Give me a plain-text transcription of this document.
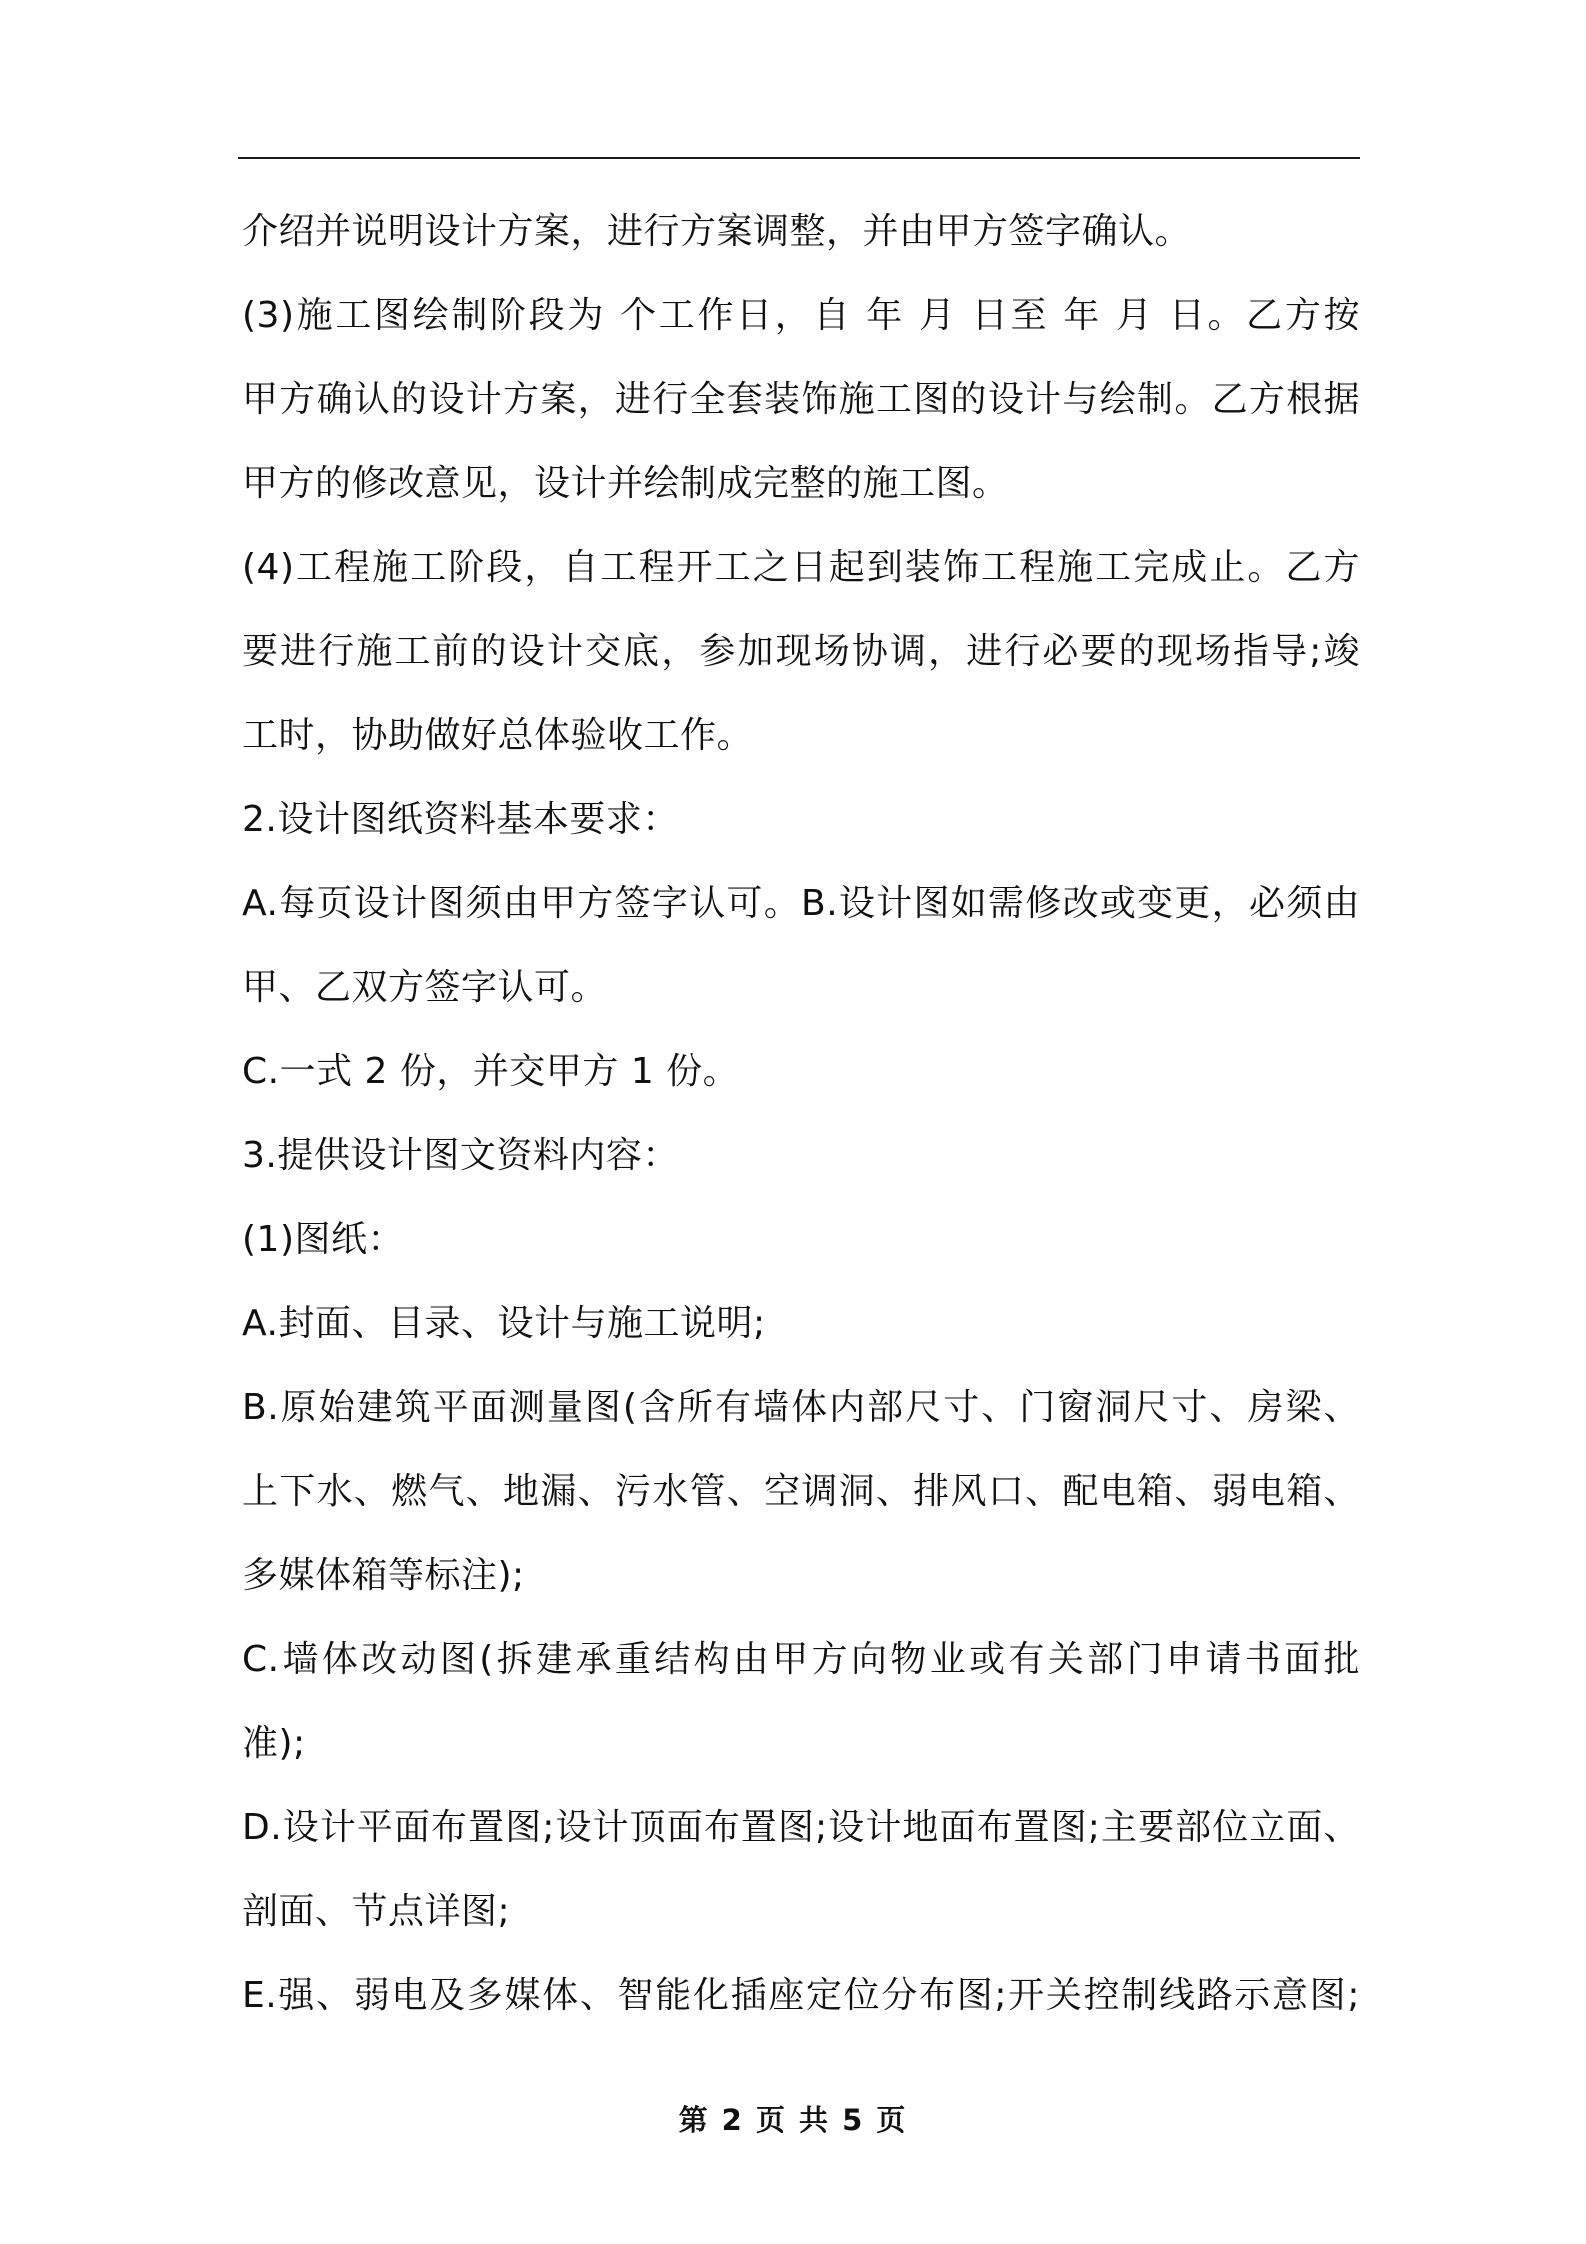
介绍并说明设计方案，进行方案调整，并由甲方签字确认。
(3)施工图绘制阶段为 个工作日，自 年 月 日至 年 月 日。乙方按
甲方确认的设计方案，进行全套装饰施工图的设计与绘制。乙方根据
甲方的修改意见，设计并绘制成完整的施工图。
(4)工程施工阶段，自工程开工之日起到装饰工程施工完成止。乙方
要进行施工前的设计交底，参加现场协调，进行必要的现场指导;竣
工时，协助做好总体验收工作。
2.设计图纸资料基本要求：
A.每页设计图须由甲方签字认可。B.设计图如需修改或变更，必须由
甲、乙双方签字认可。
C.一式 2 份，并交甲方 1 份。
3.提供设计图文资料内容：
(1)图纸：
A.封面、目录、设计与施工说明;
B.原始建筑平面测量图(含所有墙体内部尺寸、门窗洞尺寸、房梁、
上下水、燃气、地漏、污水管、空调洞、排风口、配电箱、弱电箱、
多媒体箱等标注);
C.墙体改动图(拆建承重结构由甲方向物业或有关部门申请书面批
准);
D.设计平面布置图;设计顶面布置图;设计地面布置图;主要部位立面、
剖面、节点详图;
E.强、弱电及多媒体、智能化插座定位分布图;开关控制线路示意图;
第 2 页 共 5 页
